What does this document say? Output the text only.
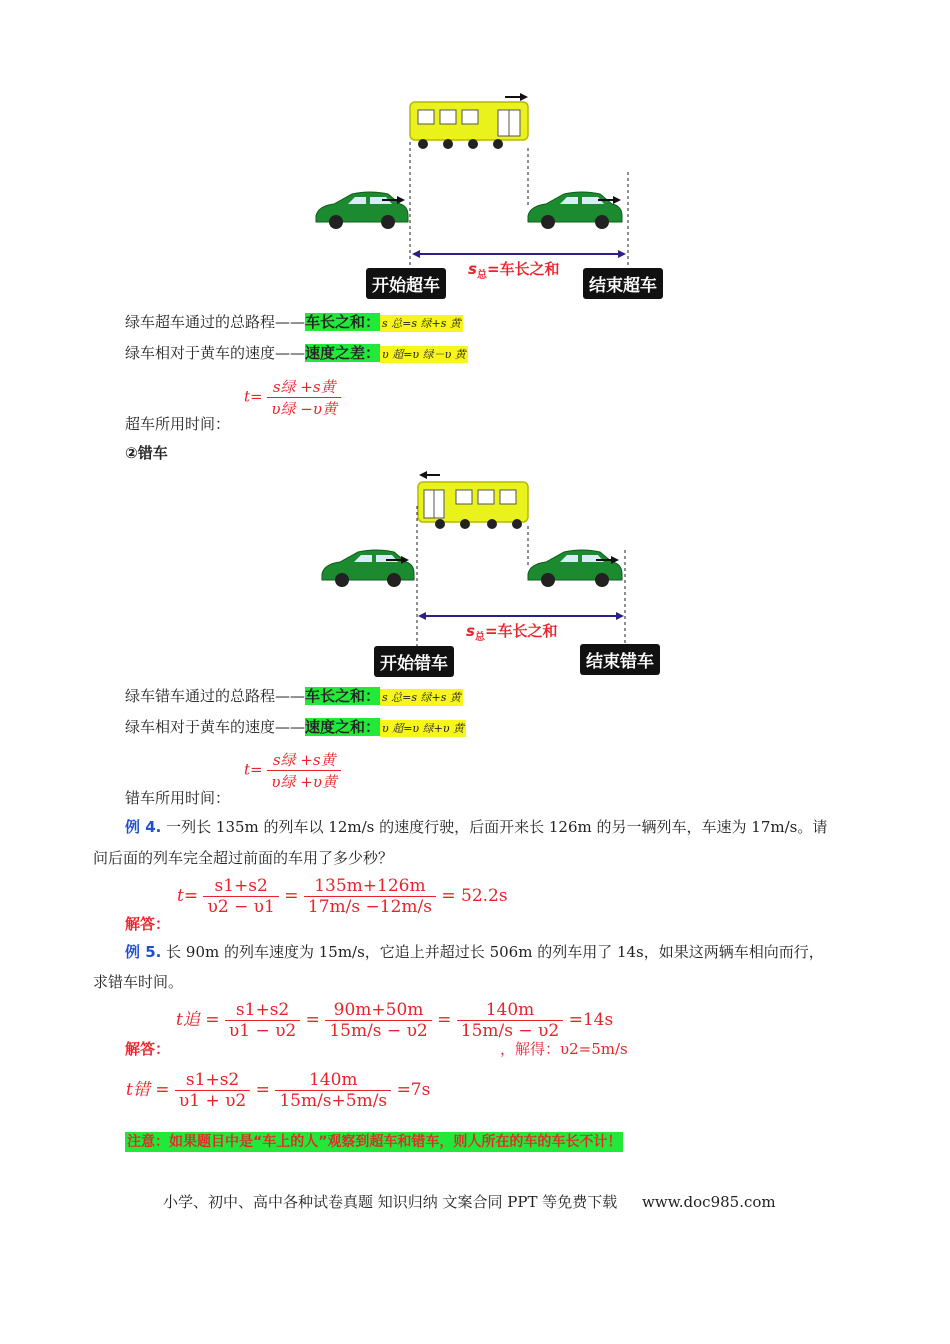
$s_总=$车长之和
开始超车	结束超车
绿车超车通过的总路程——车长之和： s 总=s 绿+s 黄
绿车相对于黄车的速度——速度之差： υ 超=υ 绿－υ 黄
$t= \frac{\text{s绿 +s黄}}{\text{υ绿 −υ黄}}$
超车所用时间：
②错车
$s_总=$车长之和
开始错车	结束错车
绿车错车通过的总路程——车长之和： s 总=s 绿+s 黄
绿车相对于黄车的速度——速度之和： υ 超=υ 绿+υ 黄
$t= \frac{\text{s绿 +s黄}}{\text{υ绿 +υ黄}}$
错车所用时间：
例 4. 一列长 135m 的列车以 12m/s 的速度行驶，后面开来长 126m 的另一辆列车，车速为 17m/s。请
问后面的列车完全超过前面的车用了多少秒？
解答：
$t= \frac{s1+s2}{\upsilon 2 - \upsilon 1} = \frac{135m+126m}{17m/s -12m/s} = 52.2s$
例 5. 长 90m 的列车速度为 15m/s，它追上并超过长 506m 的列车用了 14s，如果这两辆车相向而行，
求错车时间。
解答：
t追 = $\frac{s1+s2}{\upsilon 1 - \upsilon 2} = \frac{90m+50m}{15m/s - \upsilon 2} = \frac{140m}{15m/s - \upsilon 2} =14s$
，解得：υ2=5m/s
t错 = $\frac{s1+s2}{\upsilon 1 + \upsilon 2} = \frac{140m}{15m/s+5m/s} =7s$
注意：如果题目中是“车上的人”观察到超车和错车，则人所在的车的车长不计！
小学、初中、高中各种试卷真题 知识归纳 文案合同 PPT 等免费下载 www.doc985.com
